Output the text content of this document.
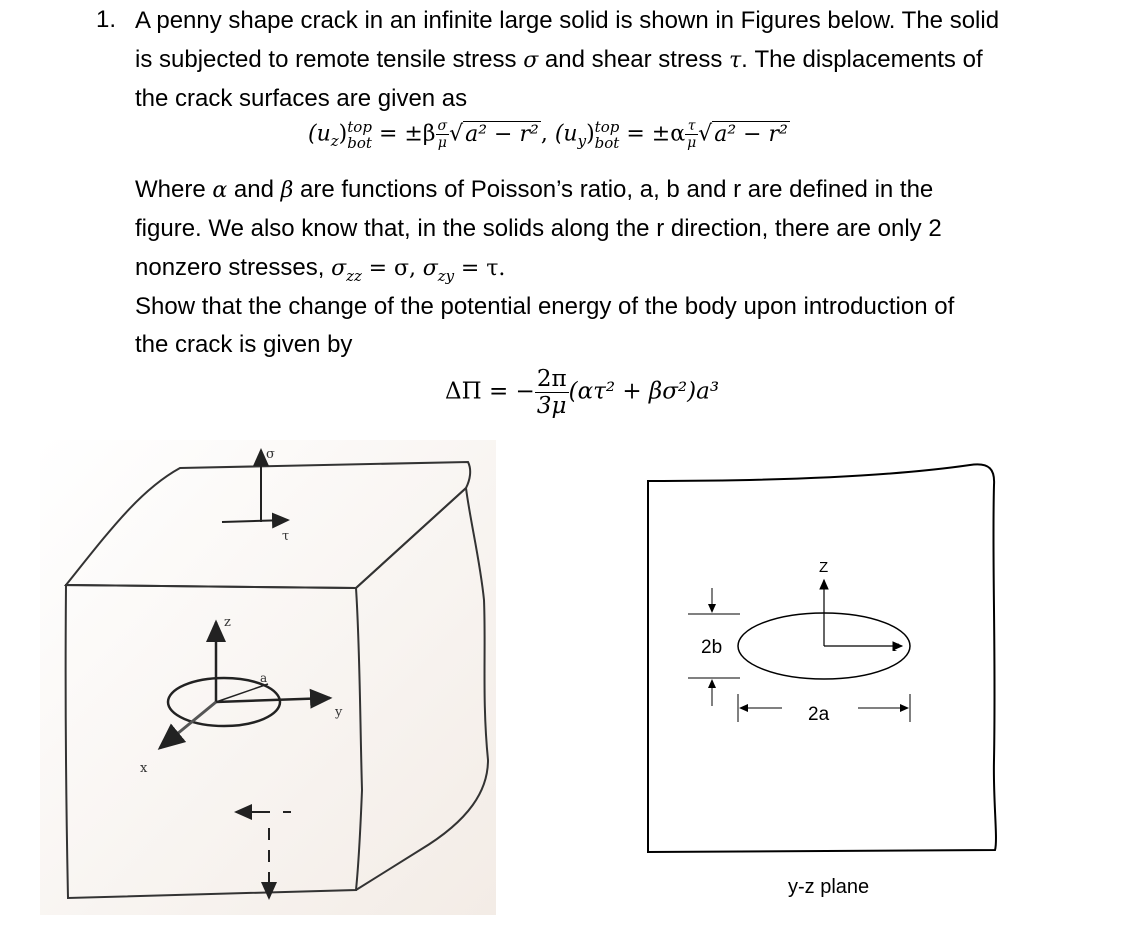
1. A penny shape crack in an infinite large solid is shown in Figures below. The solid
is subjected to remote tensile stress σ and shear stress τ. The displacements of
the crack surfaces are given as
$(u_z)$ top
bot = $\pm\beta \frac{\sigma}{\mu} √a^2 - r^2$, $(u_y)$ top
bot = $\pm\alpha \frac{\tau}{\mu} √a^2 - r^2$
Where α and β are functions of Poisson’s ratio, a, b and r are defined in the
figure. We also know that, in the solids along the r direction, there are only 2
nonzero stresses, $\sigma_{zz} = \sigma$, $\sigma_{zy} = \tau$.
Show that the change of the potential energy of the body upon introduction of
the crack is given by
ΔΠ = − $\frac{2\pi}{3\mu} (\alpha\tau^2 + \beta\sigma^2)a^3$
σ
τ
z
a
y
x
Z
r
2b
2a
y-z plane
